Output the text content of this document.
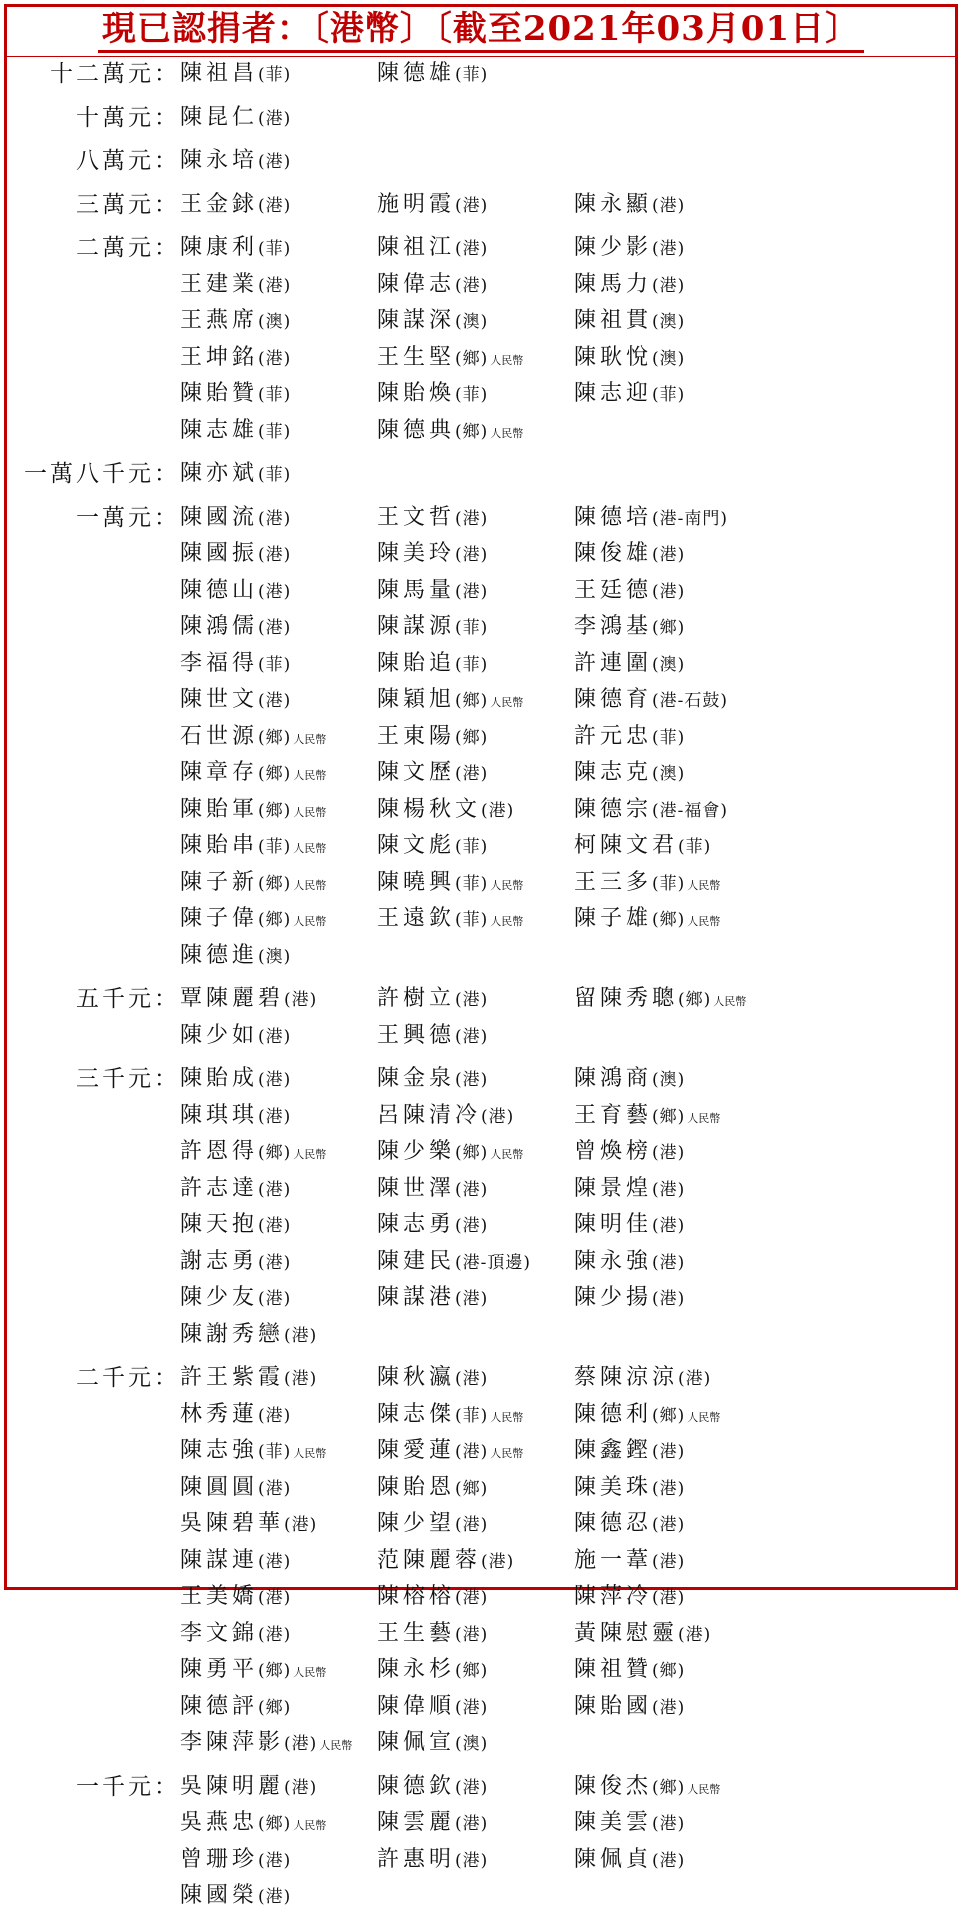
現已認捐者：〔港幣〕〔截至2021年03月01日〕
十二萬元： 陳祖昌(菲)	陳德雄(菲)
十萬元： 陳昆仁(港)
八萬元： 陳永培(港)
三萬元： 王金銶(港)	施明霞(港)	陳永顯(港)
二萬元： 陳康利(菲)	陳祖江(港)	陳少影(港)
王建業(港)	陳偉志(港)	陳馬力(港)
王燕席(澳)	陳謀深(澳)	陳祖貫(澳)
王坤銘(港)	王生堅(鄉) 人民幣	陳耿悅(澳)
陳貽贊(菲)	陳貽煥(菲)	陳志迎(菲)
陳志雄(菲)	陳德典(鄉) 人民幣
一萬八千元： 陳亦斌(菲)
一萬元： 陳國流(港)	王文哲(港)	陳德培(港-南門)
陳國振(港)	陳美玲(港)	陳俊雄(港)
陳德山(港)	陳馬量(港)	王廷德(港)
陳鴻儒(港)	陳謀源(菲)	李鴻基(鄉)
李福得(菲)	陳貽追(菲)	許連圍(澳)
陳世文(港)	陳穎旭(鄉) 人民幣	陳德育(港-石鼓)
石世源(鄉) 人民幣	王東陽(鄉)	許元忠(菲)
陳章存(鄉) 人民幣	陳文歷(港)	陳志克(澳)
陳貽軍(鄉) 人民幣	陳楊秋文(港)	陳德宗(港-福會)
陳貽串(菲) 人民幣	陳文彪(菲)	柯陳文君(菲)
陳子新(鄉) 人民幣	陳曉興(菲) 人民幣	王三多(菲) 人民幣
陳子偉(鄉) 人民幣	王遠欽(菲) 人民幣	陳子雄(鄉) 人民幣
陳德進(澳)
五千元： 覃陳麗碧(港)	許樹立(港)	留陳秀聰(鄉) 人民幣
陳少如(港)	王興德(港)
三千元： 陳貽成(港)	陳金泉(港)	陳鴻商(澳)
陳琪琪(港)	呂陳清冷(港)	王育藝(鄉) 人民幣
許恩得(鄉) 人民幣	陳少樂(鄉) 人民幣	曾煥榜(港)
許志達(港)	陳世澤(港)	陳景煌(港)
陳天抱(港)	陳志勇(港)	陳明佳(港)
謝志勇(港)	陳建民(港-頂邊)	陳永強(港)
陳少友(港)	陳謀港(港)	陳少揚(港)
陳謝秀戀(港)
二千元： 許王紫霞(港)	陳秋瀛(港)	蔡陳涼涼(港)
林秀蓮(港)	陳志傑(菲) 人民幣	陳德利(鄉) 人民幣
陳志強(菲) 人民幣	陳愛蓮(港) 人民幣	陳鑫鏗(港)
陳圓圓(港)	陳貽恩(鄉)	陳美珠(港)
吳陳碧華(港)	陳少望(港)	陳德忍(港)
陳謀連(港)	范陳麗蓉(港)	施一葦(港)
王美嬌(港)	陳榕榕(港)	陳萍冷(港)
李文錦(港)	王生藝(港)	黃陳慰靈(港)
陳勇平(鄉) 人民幣	陳永杉(鄉)	陳祖贊(鄉)
陳德評(鄉)	陳偉順(港)	陳貽國(港)
李陳萍影(港) 人民幣	陳佩宣(澳)
一千元： 吳陳明麗(港)	陳德欽(港)	陳俊杰(鄉) 人民幣
吳燕忠(鄉) 人民幣	陳雲麗(港)	陳美雲(港)
曾珊珍(港)	許惠明(港)	陳佩貞(港)
陳國榮(港)
